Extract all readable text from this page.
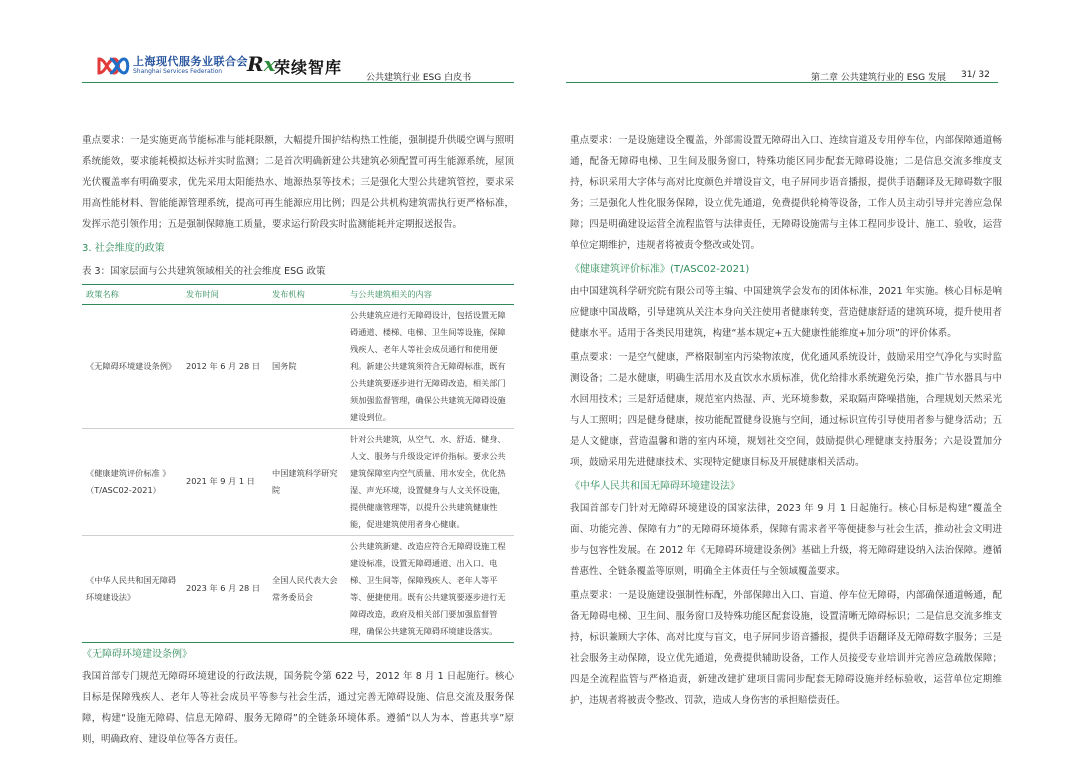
上海现代服务业联合会
Shanghai Services Federation	Rx
荣续智库
公共建筑行业 ESG 白皮书	第二章 公共建筑行业的 ESG 发展 31/ 32

重点要求：一是实施更高节能标准与能耗限额，大幅提升围护结构热工性能，强制提升供暖空调与照明系统能效，要求能耗模拟达标并实时监测；二是首次明确新建公共建筑必须配置可再生能源系统，屋顶光伏覆盖率有明确要求，优先采用太阳能热水、地源热泵等技术；三是强化大型公共建筑管控，要求采用高性能材料、智能能源管理系统，提高可再生能源应用比例；四是公共机构建筑需执行更严格标准，发挥示范引领作用；五是强制保障施工质量，要求运行阶段实时监测能耗并定期报送报告。

3. 社会维度的政策
表 3：国家层面与公共建筑领域相关的社会维度 ESG 政策
政策名称	发布时间	发布机构	与公共建筑相关的内容
《无障碍环境建设条例》	2012 年 6 月 28 日	国务院	公共建筑应进行无障碍设计，包括设置无障碍通道、楼梯、电梯、卫生间等设施，保障残疾人、老年人等社会成员通行和使用便利。新建公共建筑须符合无障碍标准，既有公共建筑要逐步进行无障碍改造，相关部门须加强监督管理，确保公共建筑无障碍设施建设到位。
《健康建筑评价标准 》（T/ASC02-2021）	2021 年 9 月 1 日	中国建筑科学研究院	针对公共建筑，从空气、水、舒适、健身、人文、服务与升级设定评价指标。要求公共建筑保障室内空气质量、用水安全，优化热湿、声光环境，设置健身与人文关怀设施，提供健康管理等，以提升公共建筑健康性能，促进建筑使用者身心健康。
《中华人民共和国无障碍环境建设法》	2023 年 6 月 28 日	全国人民代表大会常务委员会	公共建筑新建、改造应符合无障碍设施工程建设标准，设置无障碍通道、出入口、电梯、卫生间等，保障残疾人、老年人等平等、便捷使用。既有公共建筑要逐步进行无障碍改造，政府及相关部门要加强监督管理，确保公共建筑无障碍环境建设落实。
《无障碍环境建设条例》

我国首部专门规范无障碍环境建设的行政法规，国务院令第 622 号，2012 年 8 月 1 日起施行。核心目标是保障残疾人、老年人等社会成员平等参与社会生活，通过完善无障碍设施、信息交流及服务保障，构建“设施无障碍、信息无障碍、服务无障碍”的全链条环境体系。遵循“以人为本、普惠共享”原则，明确政府、建设单位等各方责任。

重点要求：一是设施建设全覆盖，外部需设置无障碍出入口、连续盲道及专用停车位，内部保障通道畅通，配备无障碍电梯、卫生间及服务窗口，特殊功能区同步配套无障碍设施；二是信息交流多维度支持，标识采用大字体与高对比度颜色并增设盲文，电子屏同步语音播报，提供手语翻译及无障碍数字服务；三是强化人性化服务保障，设立优先通道，免费提供轮椅等设备，工作人员主动引导并完善应急保障；四是明确建设运营全流程监管与法律责任，无障碍设施需与主体工程同步设计、施工、验收，运营单位定期维护，违规者将被责令整改或处罚。

《健康建筑评价标准》(T/ASC02-2021)

由中国建筑科学研究院有限公司等主编、中国建筑学会发布的团体标准，2021 年实施。核心目标是响应健康中国战略，引导建筑从关注本身向关注使用者健康转变，营造健康舒适的建筑环境，提升使用者健康水平。适用于各类民用建筑，构建“基本规定+五大健康性能维度+加分项”的评价体系。

重点要求：一是空气健康，严格限制室内污染物浓度，优化通风系统设计，鼓励采用空气净化与实时监测设备；二是水健康，明确生活用水及直饮水水质标准，优化给排水系统避免污染，推广节水器具与中水回用技术；三是舒适健康，规范室内热湿、声、光环境参数，采取隔声降噪措施，合理规划天然采光与人工照明；四是健身健康，按功能配置健身设施与空间，通过标识宣传引导使用者参与健身活动；五是人文健康，营造温馨和谐的室内环境，规划社交空间，鼓励提供心理健康支持服务；六是设置加分项，鼓励采用先进健康技术、实现特定健康目标及开展健康相关活动。

《中华人民共和国无障碍环境建设法》

我国首部专门针对无障碍环境建设的国家法律，2023 年 9 月 1 日起施行。核心目标是构建“覆盖全面、功能完善、保障有力”的无障碍环境体系，保障有需求者平等便捷参与社会生活，推动社会文明进步与包容性发展。在 2012 年《无障碍环境建设条例》基础上升级，将无障碍建设纳入法治保障。遵循普惠性、全链条覆盖等原则，明确全主体责任与全领域覆盖要求。

重点要求：一是设施建设强制性标配，外部保障出入口、盲道、停车位无障碍，内部确保通道畅通，配备无障碍电梯、卫生间、服务窗口及特殊功能区配套设施，设置清晰无障碍标识；二是信息交流多维支持，标识兼顾大字体、高对比度与盲文，电子屏同步语音播报，提供手语翻译及无障碍数字服务；三是社会服务主动保障，设立优先通道，免费提供辅助设备，工作人员接受专业培训并完善应急疏散保障；四是全流程监管与严格追责，新建改建扩建项目需同步配套无障碍设施并经标验收，运营单位定期维护，违规者将被责令整改、罚款，造成人身伤害的承担赔偿责任。
